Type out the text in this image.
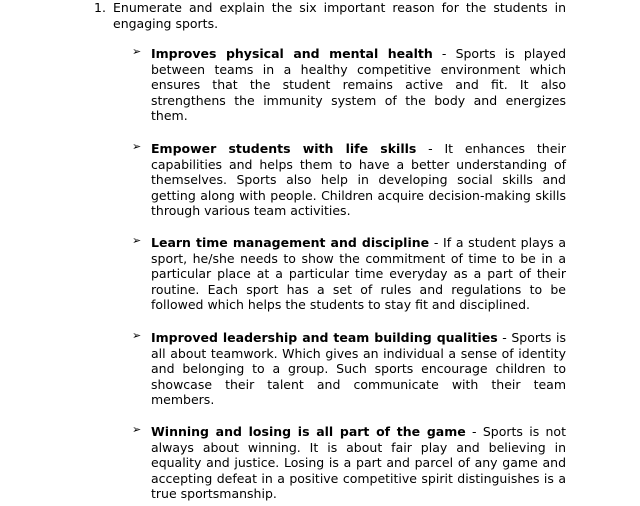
1. Enumerate and explain the six important reason for the students in engaging sports.
➢ Improves physical and mental health - Sports is played between teams in a healthy competitive environment which ensures that the student remains active and fit. It also strengthens the immunity system of the body and energizes them.
➢ Empower students with life skills - It enhances their capabilities and helps them to have a better understanding of themselves. Sports also help in developing social skills and getting along with people. Children acquire decision-making skills through various team activities.
➢ Learn time management and discipline - If a student plays a sport, he/she needs to show the commitment of time to be in a particular place at a particular time everyday as a part of their routine. Each sport has a set of rules and regulations to be followed which helps the students to stay fit and disciplined.
➢ Improved leadership and team building qualities - Sports is all about teamwork. Which gives an individual a sense of identity and belonging to a group. Such sports encourage children to showcase their talent and communicate with their team members.
➢ Winning and losing is all part of the game - Sports is not always about winning. It is about fair play and believing in equality and justice. Losing is a part and parcel of any game and accepting defeat in a positive competitive spirit distinguishes is a true sportsmanship.
